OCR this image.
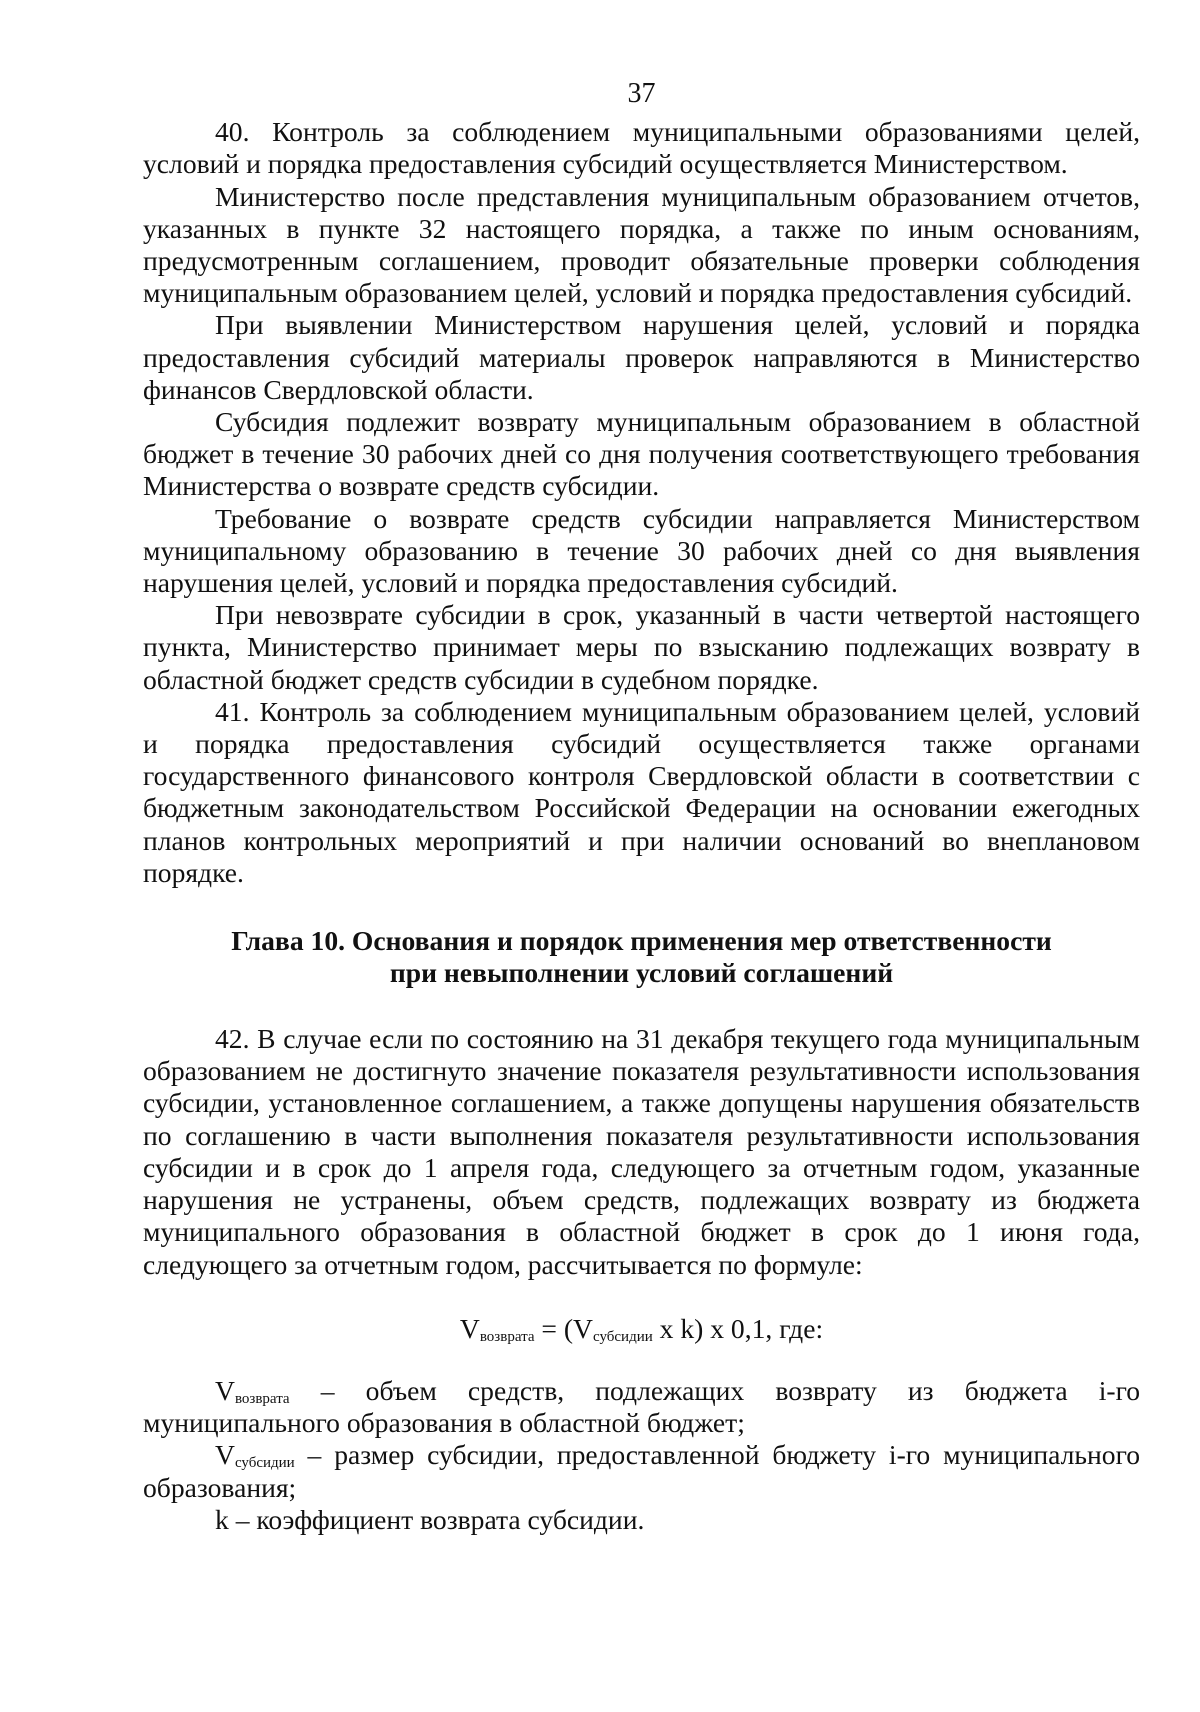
37

40. Контроль за соблюдением муниципальными образованиями целей, условий и порядка предоставления субсидий осуществляется Министерством.

Министерство после представления муниципальным образованием отчетов, указанных в пункте 32 настоящего порядка, а также по иным основаниям, предусмотренным соглашением, проводит обязательные проверки соблюдения муниципальным образованием целей, условий и порядка предоставления субсидий.

При выявлении Министерством нарушения целей, условий и порядка предоставления субсидий материалы проверок направляются в Министерство финансов Свердловской области.

Субсидия подлежит возврату муниципальным образованием в областной бюджет в течение 30 рабочих дней со дня получения соответствующего требования Министерства о возврате средств субсидии.

Требование о возврате средств субсидии направляется Министерством муниципальному образованию в течение 30 рабочих дней со дня выявления нарушения целей, условий и порядка предоставления субсидий.

При невозврате субсидии в срок, указанный в части четвертой настоящего пункта, Министерство принимает меры по взысканию подлежащих возврату в областной бюджет средств субсидии в судебном порядке.

41. Контроль за соблюдением муниципальным образованием целей, условий и порядка предоставления субсидий осуществляется также органами государственного финансового контроля Свердловской области в соответствии с бюджетным законодательством Российской Федерации на основании ежегодных планов контрольных мероприятий и при наличии оснований во внеплановом порядке.

Глава 10. Основания и порядок применения мер ответственности
при невыполнении условий соглашений

42. В случае если по состоянию на 31 декабря текущего года муниципальным образованием не достигнуто значение показателя результативности использования субсидии, установленное соглашением, а также допущены нарушения обязательств по соглашению в части выполнения показателя результативности использования субсидии и в срок до 1 апреля года, следующего за отчетным годом, указанные нарушения не устранены, объем средств, подлежащих возврату из бюджета муниципального образования в областной бюджет в срок до 1 июня года, следующего за отчетным годом, рассчитывается по формуле:

$V_{возврата} = (V_{субсидии}$ x k) x 0,1, где:

$V_{возврата}$ – объем средств, подлежащих возврату из бюджета i-го муниципального образования в областной бюджет;

$V_{субсидии}$ – размер субсидии, предоставленной бюджету i-го муниципального образования;

k – коэффициент возврата субсидии.
